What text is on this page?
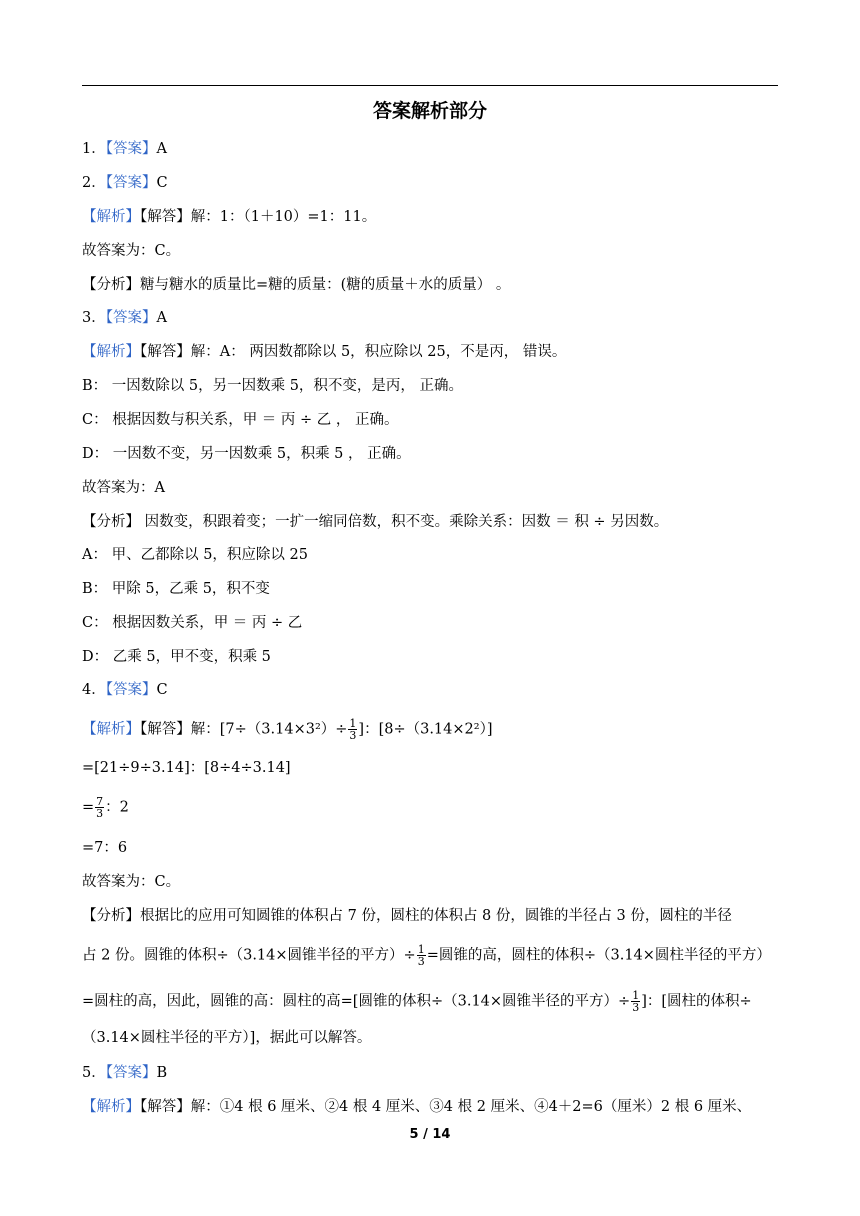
答案解析部分
1．【答案】A
2．【答案】C
【解析】【解答】解：1：（1＋10）=1：11。
故答案为：C。
【分析】糖与糖水的质量比=糖的质量：(糖的质量＋水的质量） 。
3．【答案】A
【解析】【解答】解：A： 两因数都除以 5，积应除以 25，不是丙， 错误。
B： 一因数除以 5，另一因数乘 5，积不变，是丙， 正确。
C： 根据因数与积关系，甲 ＝ 丙 ÷ 乙 ， 正确。
D： 一因数不变，另一因数乘 5，积乘 5 ， 正确。
故答案为：A
【分析】 因数变，积跟着变；一扩一缩同倍数，积不变。乘除关系：因数 ＝ 积 ÷ 另因数。
A： 甲、乙都除以 5，积应除以 25
B： 甲除 5，乙乘 5，积不变
C： 根据因数关系，甲 ＝ 丙 ÷ 乙
D： 乙乘 5，甲不变，积乘 5
4．【答案】C
【解析】【解答】解：[$7\div(3.14\times 3^2)\div \frac{1}{3}$ ]：[8÷（3.14×2²）]
=[21÷9÷3.14]：[8÷4÷3.14]
= $\frac{7}{3}$ ：2
=7：6
故答案为：C。
【分析】根据比的应用可知圆锥的体积占 7 份，圆柱的体积占 8 份，圆锥的半径占 3 份，圆柱的半径
占 2 份。圆锥的体积÷（3.14×圆锥半径的平方）÷ $\frac{1}{3}$ =圆锥的高，圆柱的体积÷（3.14×圆柱半径的平方）
=圆柱的高，因此，圆锥的高：圆柱的高=[圆锥的体积÷（3.14×圆锥半径的平方）÷ $\frac{1}{3}$ ]：[圆柱的体积÷
（3.14×圆柱半径的平方）]，据此可以解答。
5．【答案】B
【解析】【解答】解：①4 根 6 厘米、②4 根 4 厘米、③4 根 2 厘米、④4＋2=6（厘米）2 根 6 厘米、
5 / 14
